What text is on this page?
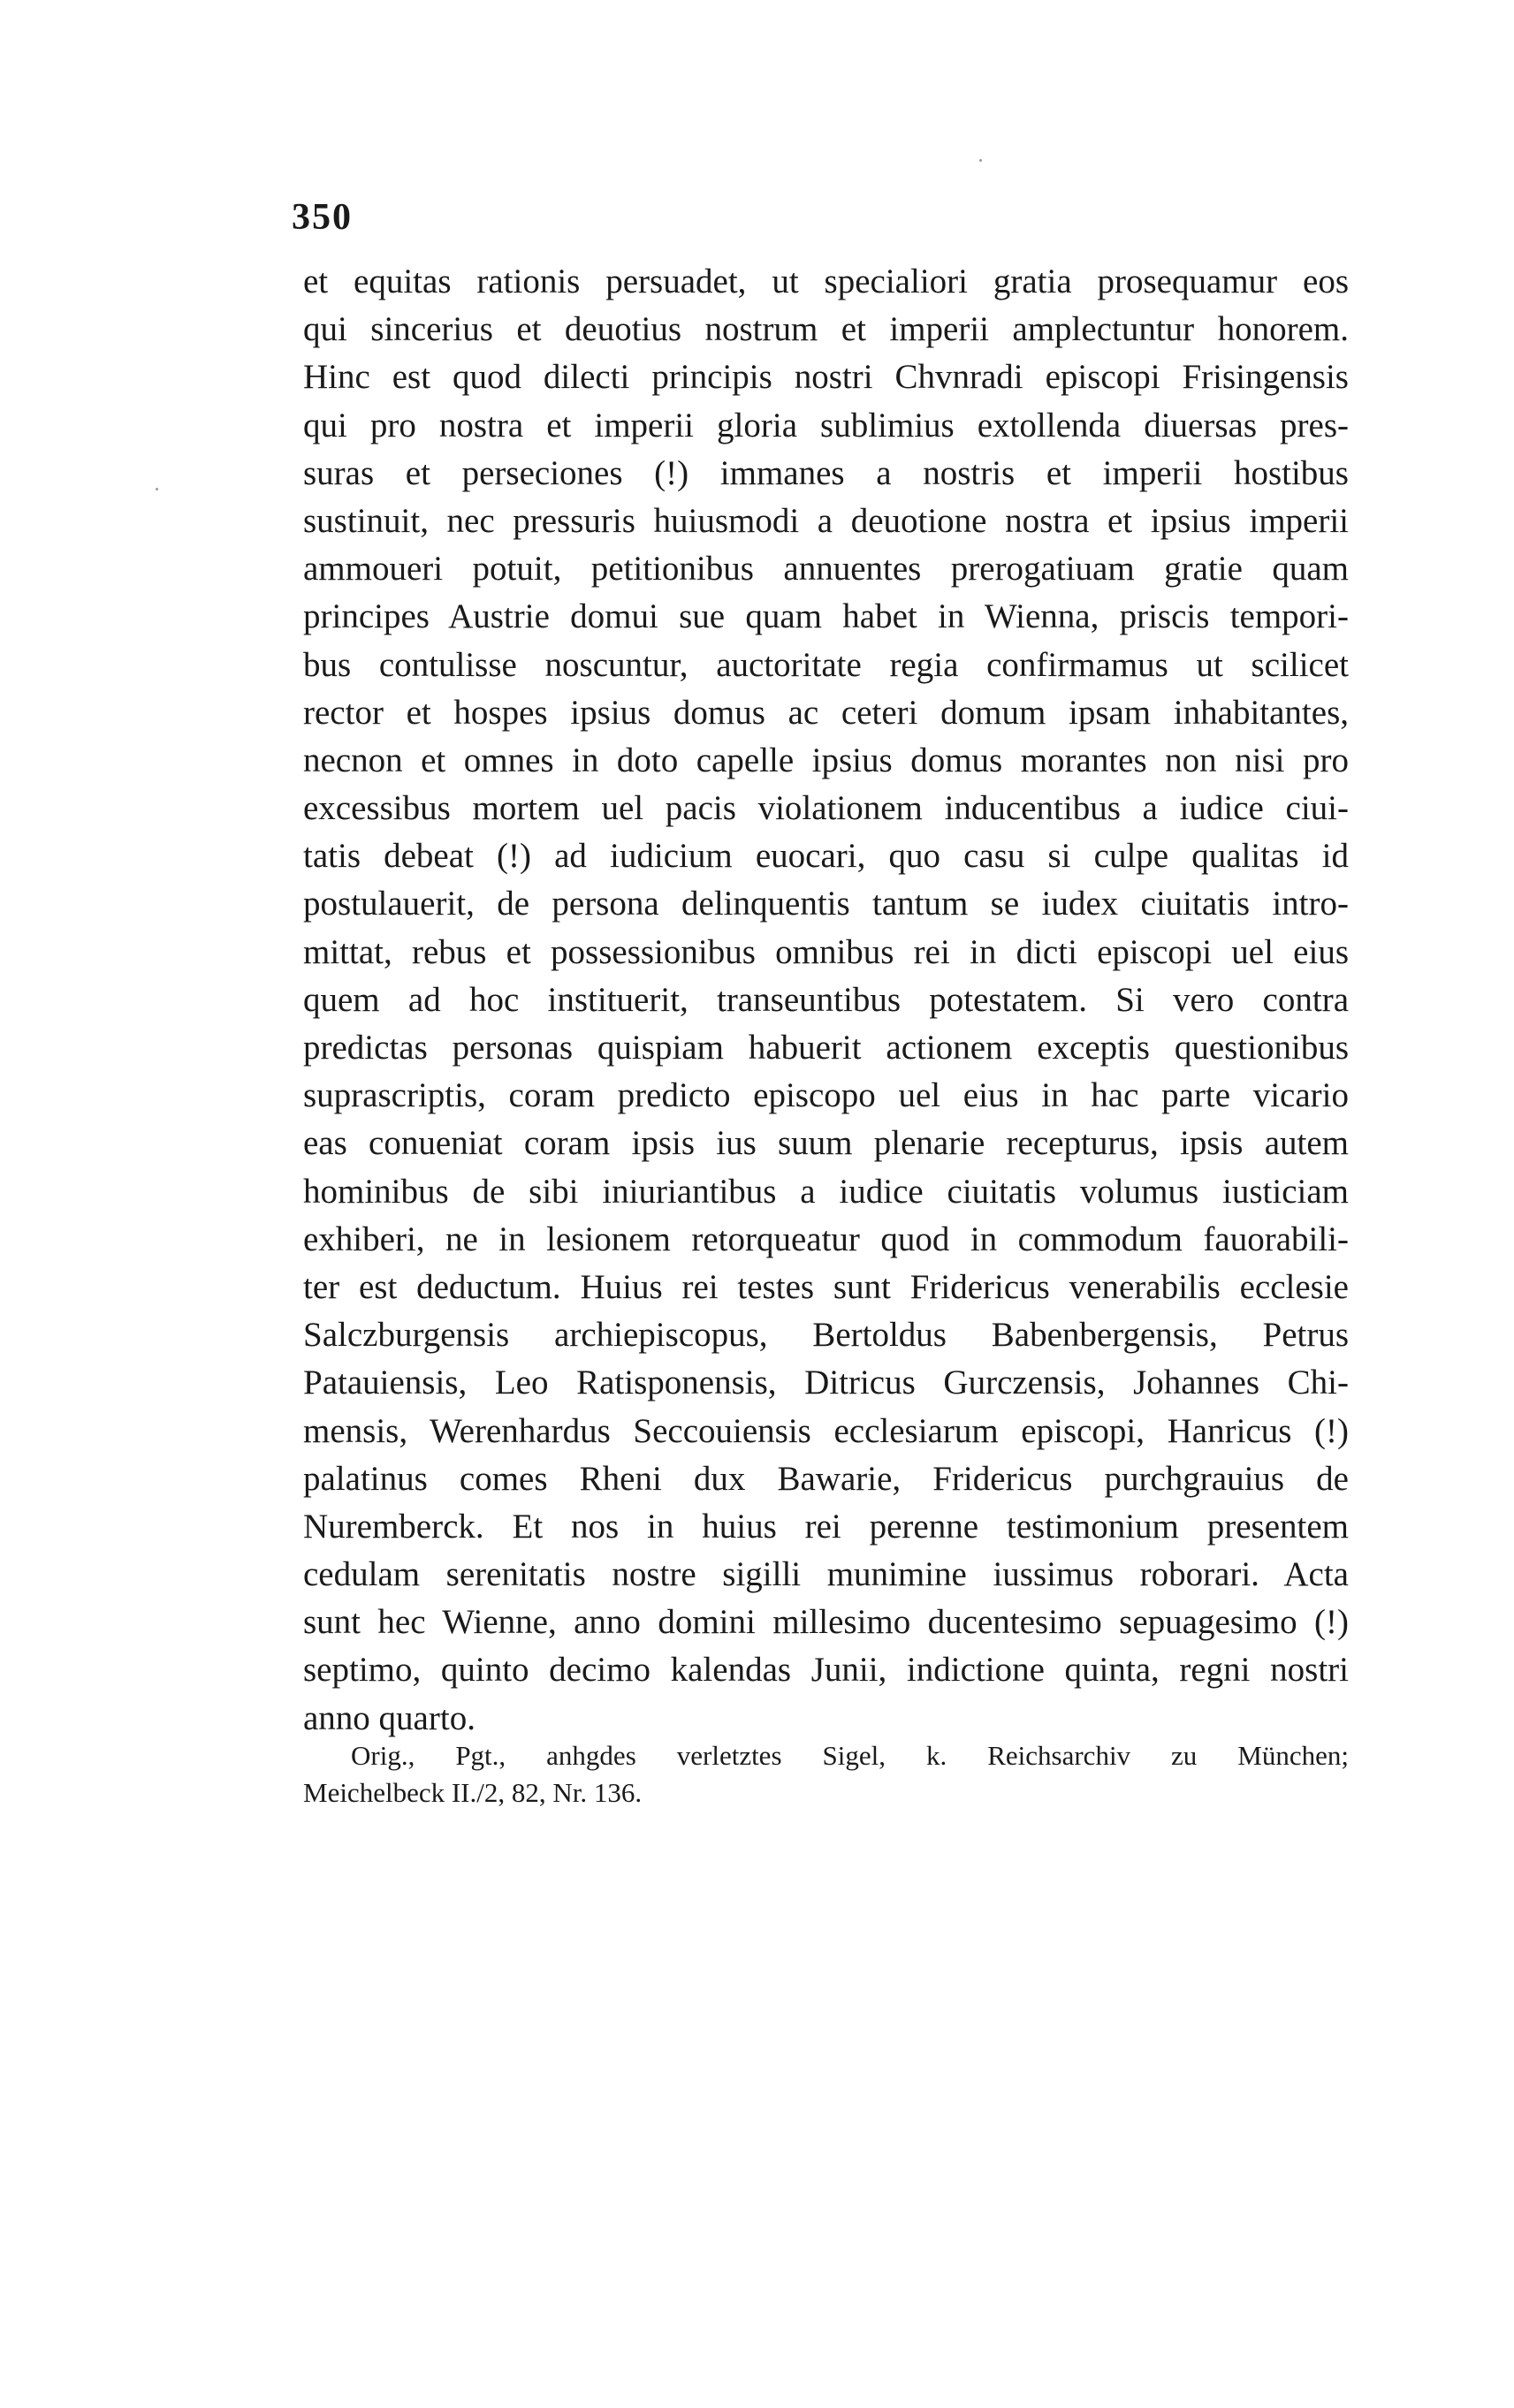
350
et equitas rationis persuadet, ut specialiori gratia prosequamur eos
qui sincerius et deuotius nostrum et imperii amplectuntur honorem.
Hinc est quod dilecti principis nostri Chvnradi episcopi Frisingensis
qui pro nostra et imperii gloria sublimius extollenda diuersas pres-
suras et perseciones (!) immanes a nostris et imperii hostibus
sustinuit, nec pressuris huiusmodi a deuotione nostra et ipsius imperii
ammoueri potuit, petitionibus annuentes prerogatiuam gratie quam
principes Austrie domui sue quam habet in Wienna, priscis tempori-
bus contulisse noscuntur, auctoritate regia confirmamus ut scilicet
rector et hospes ipsius domus ac ceteri domum ipsam inhabitantes,
necnon et omnes in doto capelle ipsius domus morantes non nisi pro
excessibus mortem uel pacis violationem inducentibus a iudice ciui-
tatis debeat (!) ad iudicium euocari, quo casu si culpe qualitas id
postulauerit, de persona delinquentis tantum se iudex ciuitatis intro-
mittat, rebus et possessionibus omnibus rei in dicti episcopi uel eius
quem ad hoc instituerit, transeuntibus potestatem. Si vero contra
predictas personas quispiam habuerit actionem exceptis questionibus
suprascriptis, coram predicto episcopo uel eius in hac parte vicario
eas conueniat coram ipsis ius suum plenarie recepturus, ipsis autem
hominibus de sibi iniuriantibus a iudice ciuitatis volumus iusticiam
exhiberi, ne in lesionem retorqueatur quod in commodum fauorabili-
ter est deductum. Huius rei testes sunt Fridericus venerabilis ecclesie
Salczburgensis archiepiscopus, Bertoldus Babenbergensis, Petrus
Patauiensis, Leo Ratisponensis, Ditricus Gurczensis, Johannes Chi-
mensis, Werenhardus Seccouiensis ecclesiarum episcopi, Hanricus (!)
palatinus comes Rheni dux Bawarie, Fridericus purchgrauius de
Nuremberck. Et nos in huius rei perenne testimonium presentem
cedulam serenitatis nostre sigilli munimine iussimus roborari. Acta
sunt hec Wienne, anno domini millesimo ducentesimo sepuagesimo (!)
septimo, quinto decimo kalendas Junii, indictione quinta, regni nostri
anno quarto.
Orig., Pgt., anhgdes verletztes Sigel, k. Reichsarchiv zu München;
Meichelbeck II./2, 82, Nr. 136.
